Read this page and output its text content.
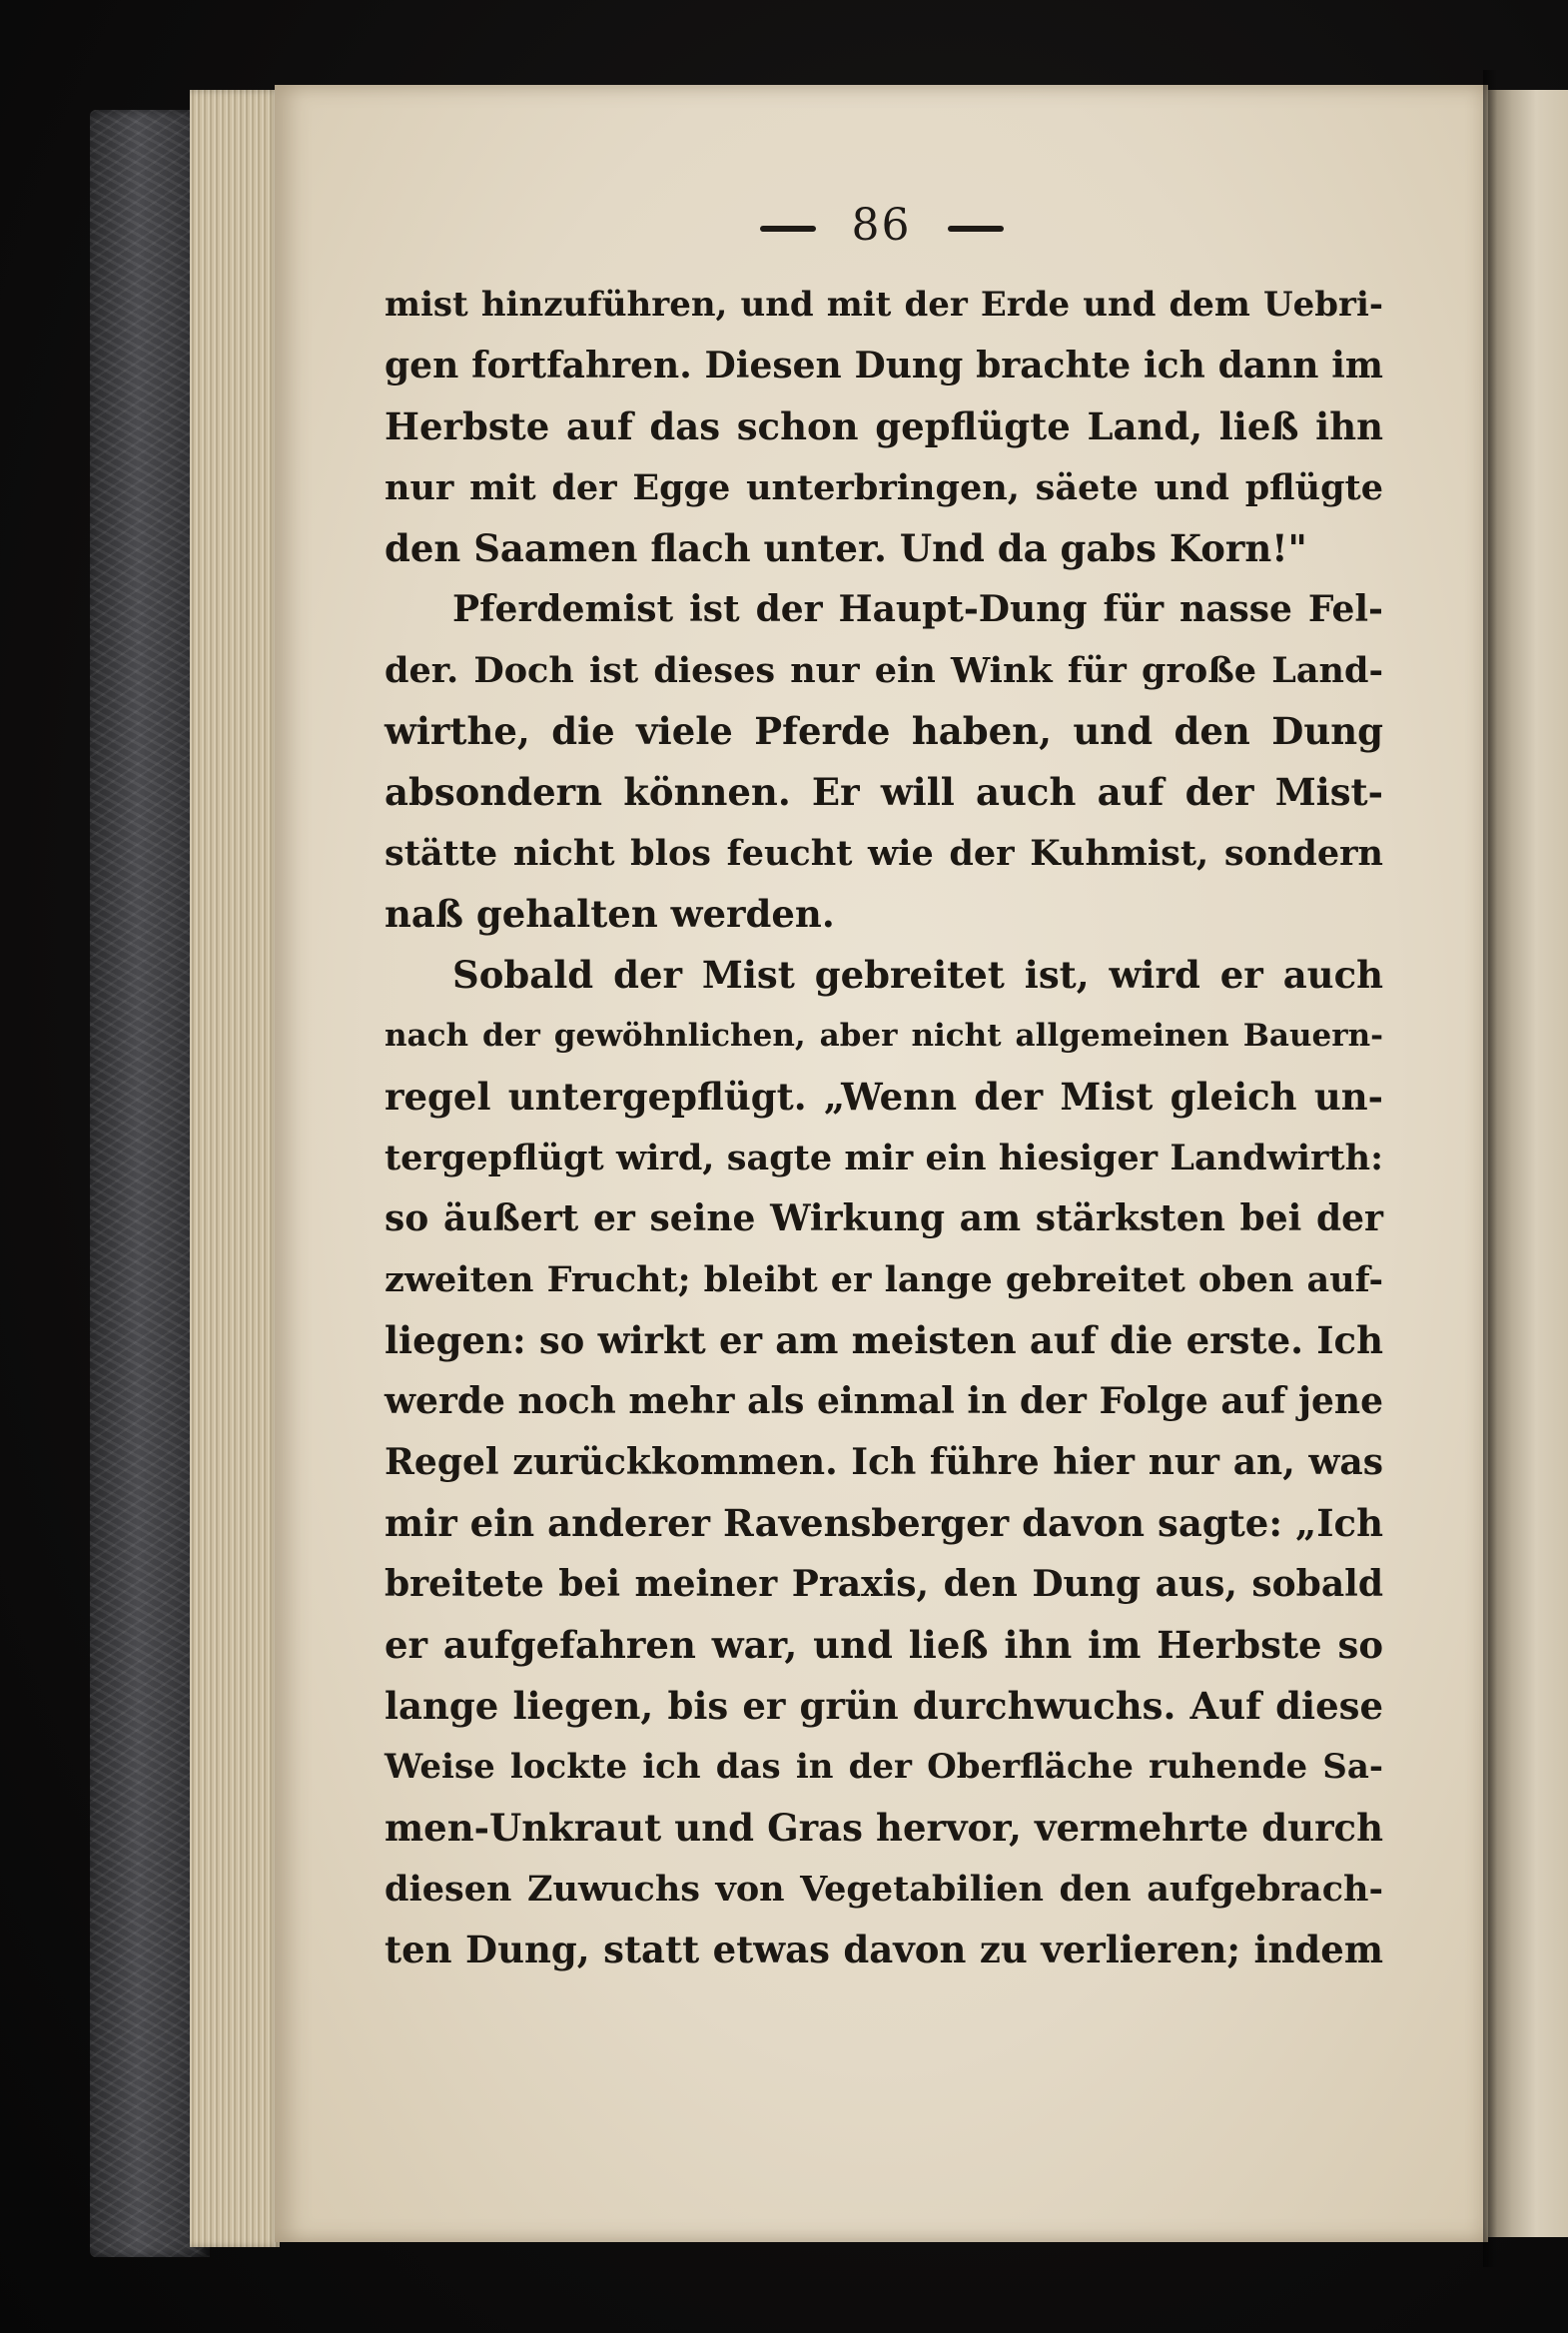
86
mist hinzuführen, und mit der Erde und dem Uebri-
gen fortfahren. Diesen Dung brachte ich dann im
Herbste auf das schon gepflügte Land, ließ ihn
nur mit der Egge unterbringen, säete und pflügte
den Saamen flach unter. Und da gabs Korn!"
Pferdemist ist der Haupt-Dung für nasse Fel-
der. Doch ist dieses nur ein Wink für große Land-
wirthe, die viele Pferde haben, und den Dung
absondern können. Er will auch auf der Mist-
stätte nicht blos feucht wie der Kuhmist, sondern
naß gehalten werden.
Sobald der Mist gebreitet ist, wird er auch
nach der gewöhnlichen, aber nicht allgemeinen Bauern-
regel untergepflügt. „Wenn der Mist gleich un-
tergepflügt wird, sagte mir ein hiesiger Landwirth:
so äußert er seine Wirkung am stärksten bei der
zweiten Frucht; bleibt er lange gebreitet oben auf-
liegen: so wirkt er am meisten auf die erste. Ich
werde noch mehr als einmal in der Folge auf jene
Regel zurückkommen. Ich führe hier nur an, was
mir ein anderer Ravensberger davon sagte: „Ich
breitete bei meiner Praxis, den Dung aus, sobald
er aufgefahren war, und ließ ihn im Herbste so
lange liegen, bis er grün durchwuchs. Auf diese
Weise lockte ich das in der Oberfläche ruhende Sa-
men-Unkraut und Gras hervor, vermehrte durch
diesen Zuwuchs von Vegetabilien den aufgebrach-
ten Dung, statt etwas davon zu verlieren; indem
